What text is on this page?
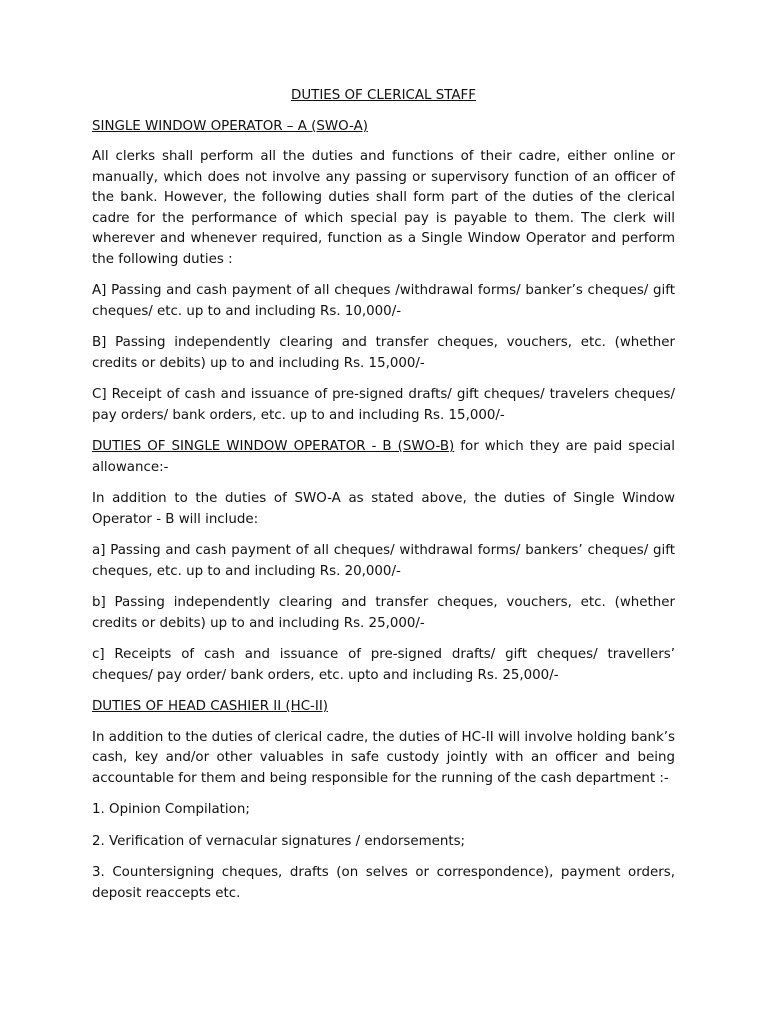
DUTIES OF CLERICAL STAFF
SINGLE WINDOW OPERATOR – A (SWO-A)

All clerks shall perform all the duties and functions of their cadre, either online or manually, which does not involve any passing or supervisory function of an officer of the bank. However, the following duties shall form part of the duties of the clerical cadre for the performance of which special pay is payable to them. The clerk will wherever and whenever required, function as a Single Window Operator and perform the following duties :

A] Passing and cash payment of all cheques /withdrawal forms/ banker’s cheques/ gift cheques/ etc. up to and including Rs. 10,000/-

B] Passing independently clearing and transfer cheques, vouchers, etc. (whether credits or debits) up to and including Rs. 15,000/-

C] Receipt of cash and issuance of pre-signed drafts/ gift cheques/ travelers cheques/ pay orders/ bank orders, etc. up to and including Rs. 15,000/-

DUTIES OF SINGLE WINDOW OPERATOR - B (SWO-B) for which they are paid special allowance:-

In addition to the duties of SWO-A as stated above, the duties of Single Window Operator - B will include:

a] Passing and cash payment of all cheques/ withdrawal forms/ bankers’ cheques/ gift cheques, etc. up to and including Rs. 20,000/-

b] Passing independently clearing and transfer cheques, vouchers, etc. (whether credits or debits) up to and including Rs. 25,000/-

c] Receipts of cash and issuance of pre-signed drafts/ gift cheques/ travellers’ cheques/ pay order/ bank orders, etc. upto and including Rs. 25,000/-

DUTIES OF HEAD CASHIER II (HC-II)

In addition to the duties of clerical cadre, the duties of HC-II will involve holding bank’s cash, key and/or other valuables in safe custody jointly with an officer and being accountable for them and being responsible for the running of the cash department :-

1. Opinion Compilation;

2. Verification of vernacular signatures / endorsements;

3. Countersigning cheques, drafts (on selves or correspondence), payment orders, deposit reaccepts etc.
